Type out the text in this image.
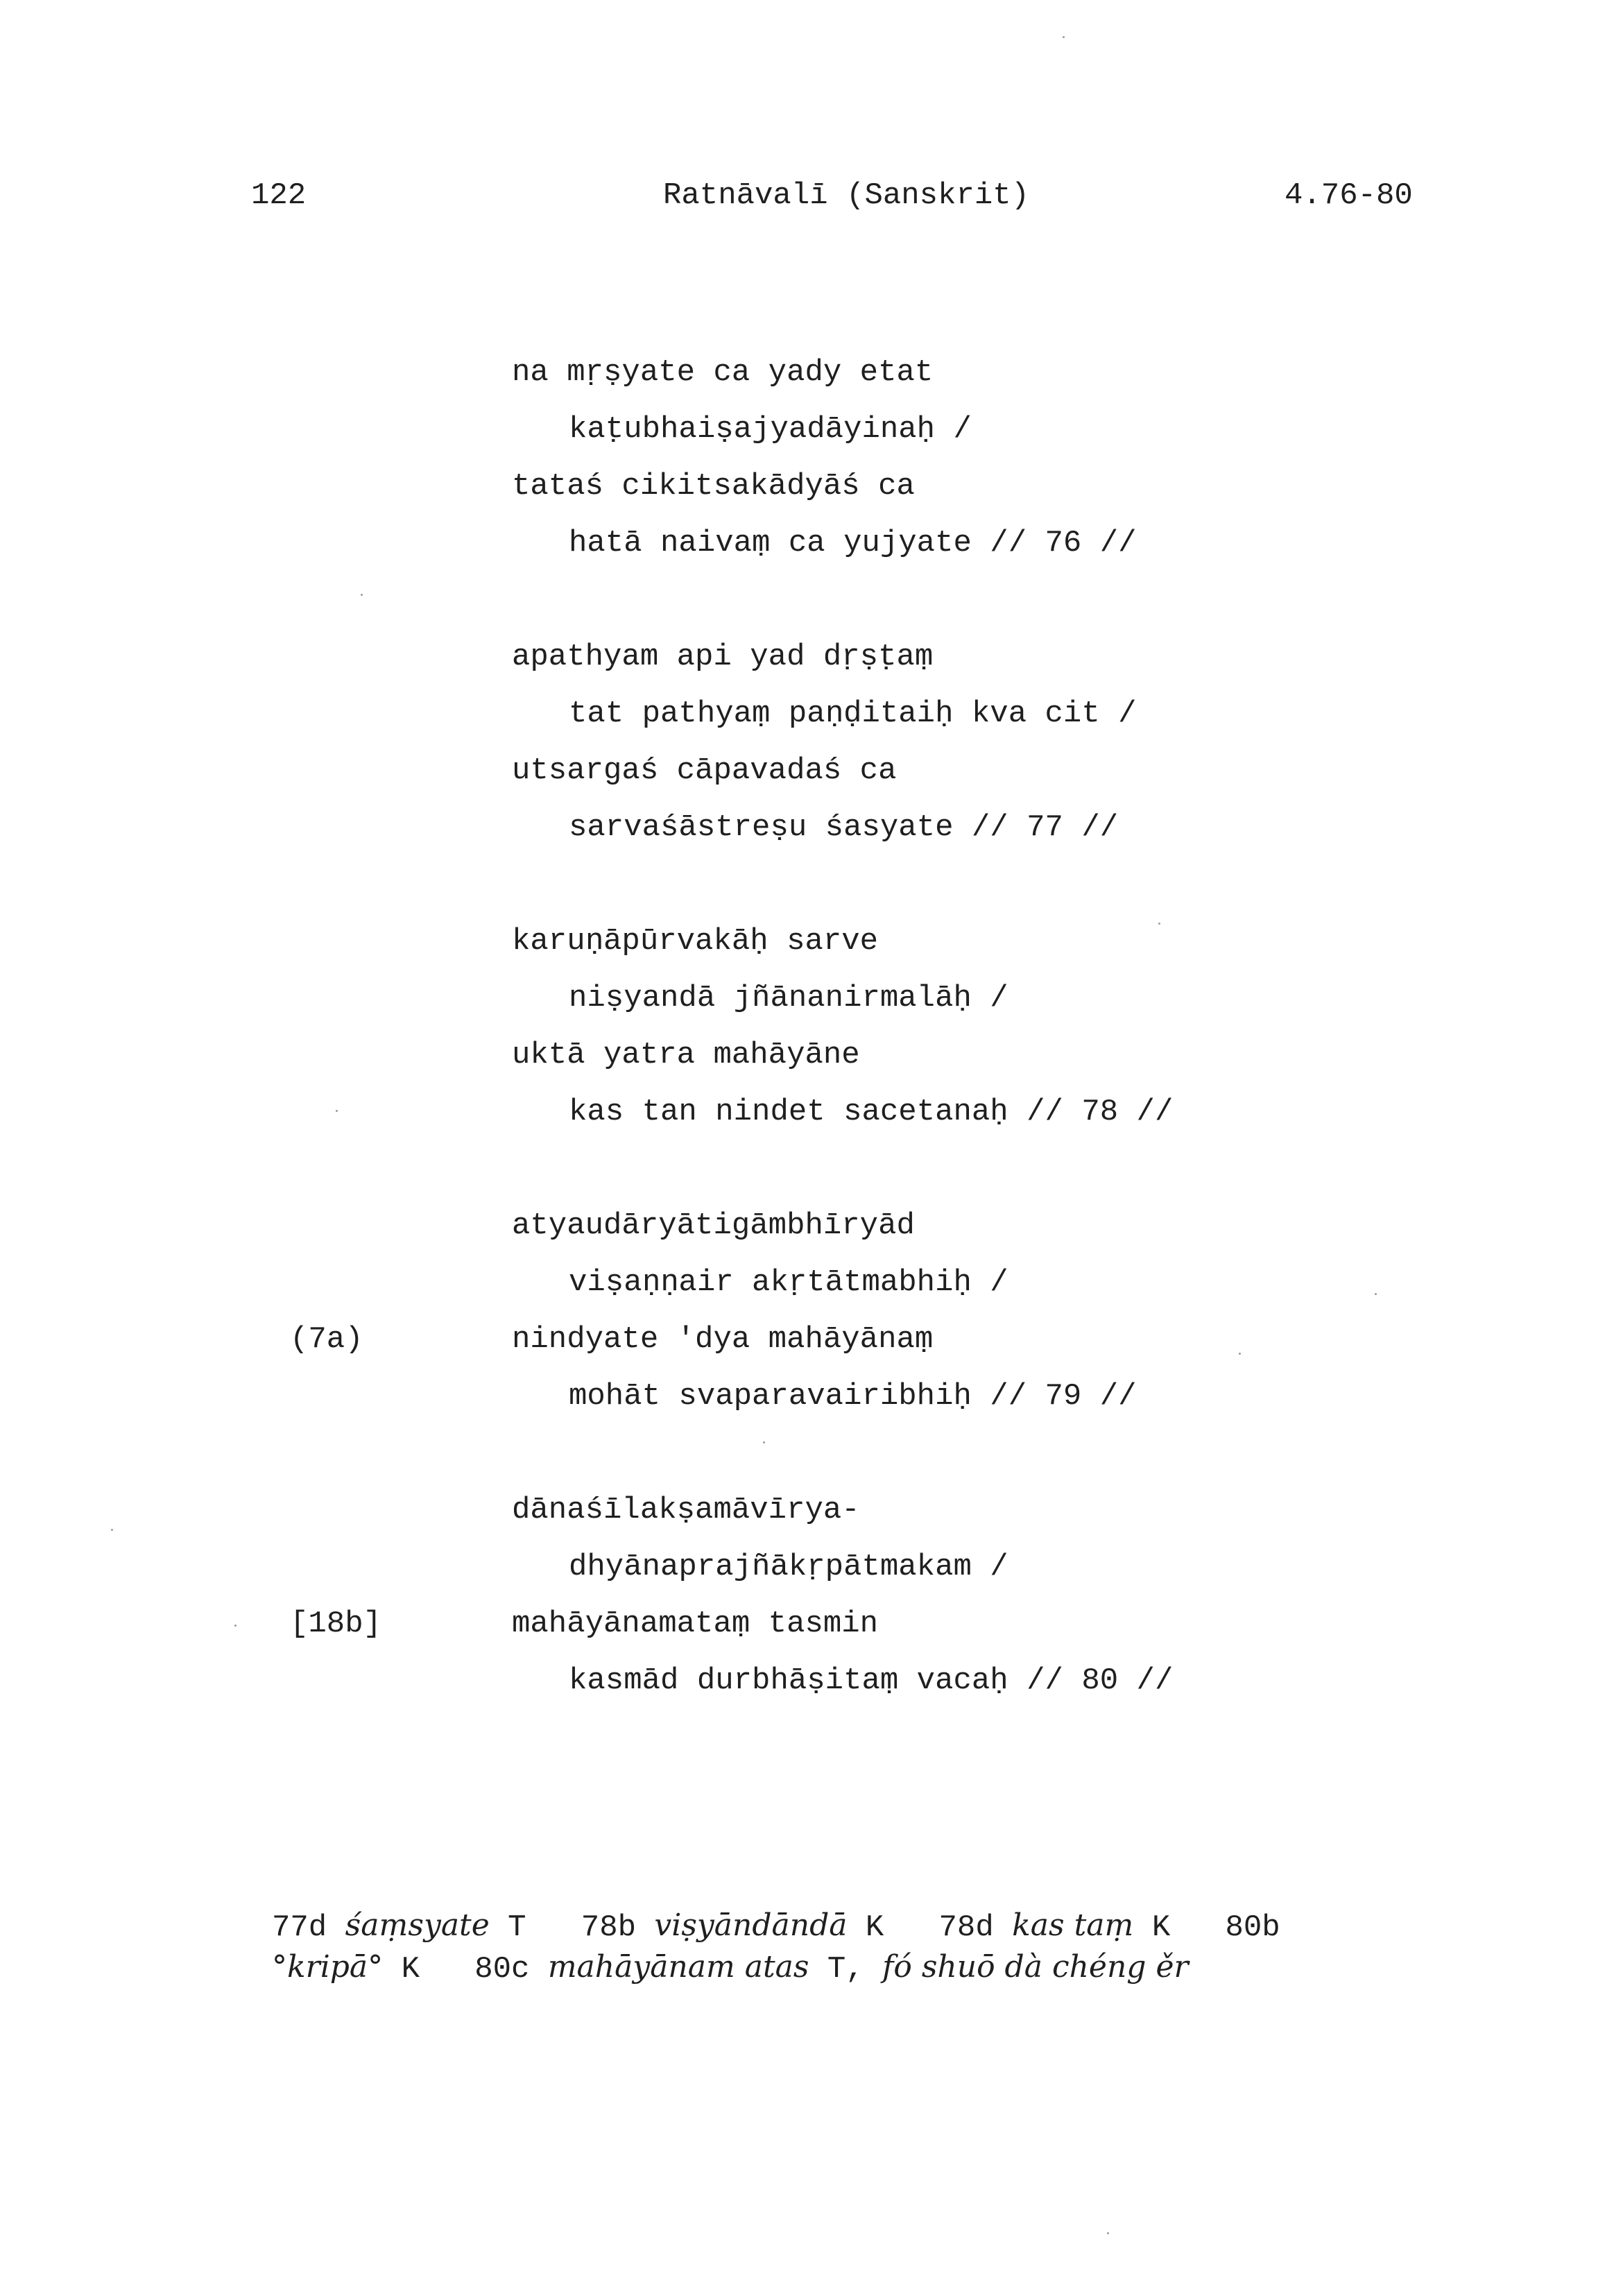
122	Ratnāvalī (Sanskrit)	4.76-80
na mṛṣyate ca yady etat
kaṭubhaiṣajyadāyinaḥ /
tataś cikitsakādyāś ca
hatā naivaṃ ca yujyate // 76 //
apathyam api yad dṛṣṭaṃ
tat pathyaṃ paṇḍitaiḥ kva cit /
utsargaś cāpavadaś ca
sarvaśāstreṣu śasyate // 77 //
karuṇāpūrvakāḥ sarve
niṣyandā jñānanirmalāḥ /
uktā yatra mahāyāne
kas tan nindet sacetanaḥ // 78 //
atyaudāryātigāmbhīryād
viṣaṇṇair akṛtātmabhiḥ /
nindyate 'dya mahāyānaṃ
mohāt svaparavairibhiḥ // 79 //
(7a)
dānaśīlakṣamāvīrya-
dhyānaprajñākṛpātmakam /
mahāyānamataṃ tasmin
kasmād durbhāṣitaṃ vacaḥ // 80 //
[18b]
77d śaṃsyate T   78b viṣyāndāndā K   78d kas taṃ K   80b
°kripā° K   80c mahāyānam atas T, fó shuō dà chéng ěr
